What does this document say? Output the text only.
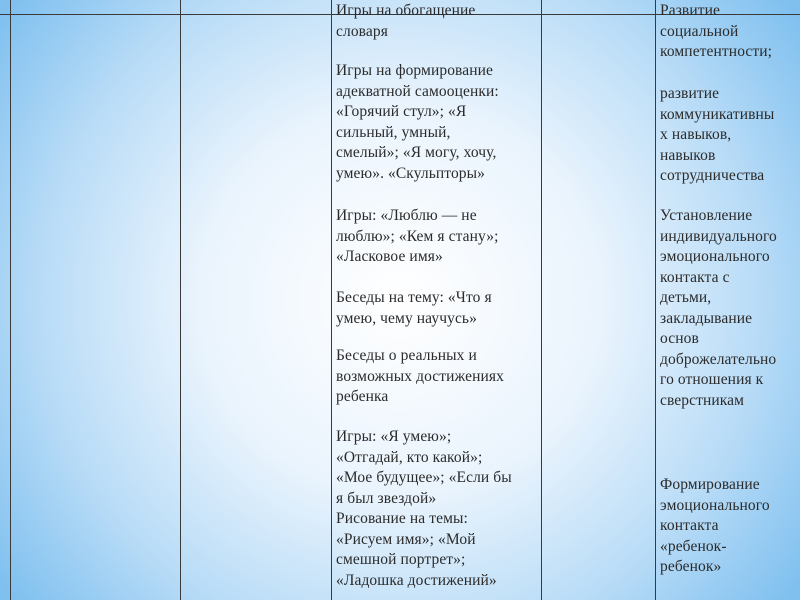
Игры на обогащение
словаря

Игры на формирование
адекватной самооценки:
«Горячий стул»; «Я
сильный, умный,
смелый»; «Я могу, хочу,
умею». «Скульпторы»

Игры: «Люблю — не
люблю»; «Кем я стану»;
«Ласковое имя»

Беседы на тему: «Что я
умею, чему научусь»

Беседы о реальных и
возможных достижениях
ребенка

Игры: «Я умею»;
«Отгадай, кто какой»;
«Мое будущее»; «Если бы
я был звездой»
Рисование на темы:
«Рисуем имя»; «Мой
смешной портрет»;
«Ладошка достижений»

Развитие
социальной
компетентности;

развитие
коммуникативны
х навыков,
навыков
сотрудничества

Установление
индивидуального
эмоционального
контакта с
детьми,
закладывание
основ
доброжелательно
го отношения к
сверстникам

Формирование
эмоционального
контакта
«ребенок-
ребенок»
